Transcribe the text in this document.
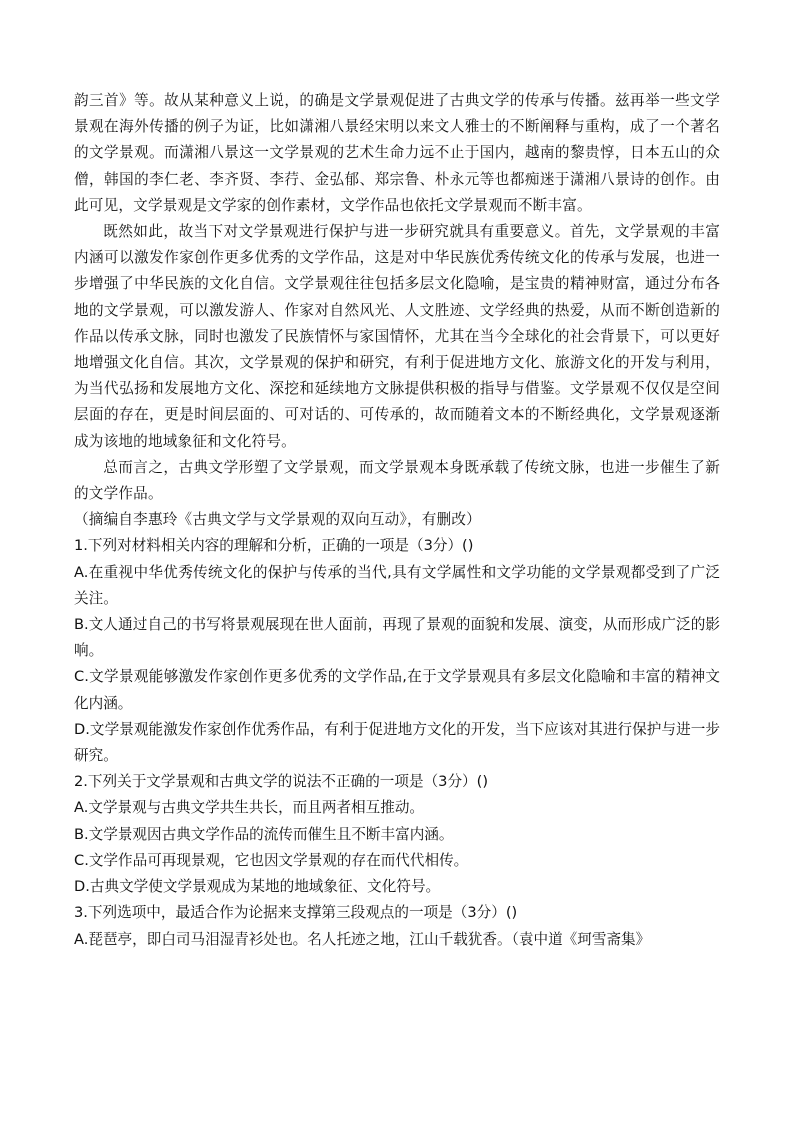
韵三首》等。故从某种意义上说，的确是文学景观促进了古典文学的传承与传播。兹再举一些文学景观在海外传播的例子为证，比如潇湘八景经宋明以来文人雅士的不断阐释与重构，成了一个著名的文学景观。而潇湘八景这一文学景观的艺术生命力远不止于国内，越南的黎贵惇，日本五山的众僧，韩国的李仁老、李齐贤、李荇、金弘郁、郑宗鲁、朴永元等也都痴迷于潇湘八景诗的创作。由此可见，文学景观是文学家的创作素材，文学作品也依托文学景观而不断丰富。

既然如此，故当下对文学景观进行保护与进一步研究就具有重要意义。首先，文学景观的丰富内涵可以激发作家创作更多优秀的文学作品，这是对中华民族优秀传统文化的传承与发展，也进一步增强了中华民族的文化自信。文学景观往往包括多层文化隐喻，是宝贵的精神财富，通过分布各地的文学景观，可以激发游人、作家对自然风光、人文胜迹、文学经典的热爱，从而不断创造新的作品以传承文脉，同时也激发了民族情怀与家国情怀，尤其在当今全球化的社会背景下，可以更好地增强文化自信。其次，文学景观的保护和研究，有利于促进地方文化、旅游文化的开发与利用，为当代弘扬和发展地方文化、深挖和延续地方文脉提供积极的指导与借鉴。文学景观不仅仅是空间层面的存在，更是时间层面的、可对话的、可传承的，故而随着文本的不断经典化，文学景观逐渐成为该地的地域象征和文化符号。

总而言之，古典文学形塑了文学景观，而文学景观本身既承载了传统文脉，也进一步催生了新的文学作品。

（摘编自李惠玲《古典文学与文学景观的双向互动》，有删改）

1.下列对材料相关内容的理解和分析，正确的一项是（3分）()

A.在重视中华优秀传统文化的保护与传承的当代,具有文学属性和文学功能的文学景观都受到了广泛关注。

B.文人通过自己的书写将景观展现在世人面前，再现了景观的面貌和发展、演变，从而形成广泛的影响。

C.文学景观能够激发作家创作更多优秀的文学作品,在于文学景观具有多层文化隐喻和丰富的精神文化内涵。

D.文学景观能激发作家创作优秀作品，有利于促进地方文化的开发，当下应该对其进行保护与进一步研究。

2.下列关于文学景观和古典文学的说法不正确的一项是（3分）()

A.文学景观与古典文学共生共长，而且两者相互推动。

B.文学景观因古典文学作品的流传而催生且不断丰富内涵。

C.文学作品可再现景观，它也因文学景观的存在而代代相传。

D.古典文学使文学景观成为某地的地域象征、文化符号。

3.下列选项中，最适合作为论据来支撑第三段观点的一项是（3分）()

A.琵琶亭，即白司马泪湿青衫处也。名人托迹之地，江山千载犹香。（袁中道《珂雪斋集》
